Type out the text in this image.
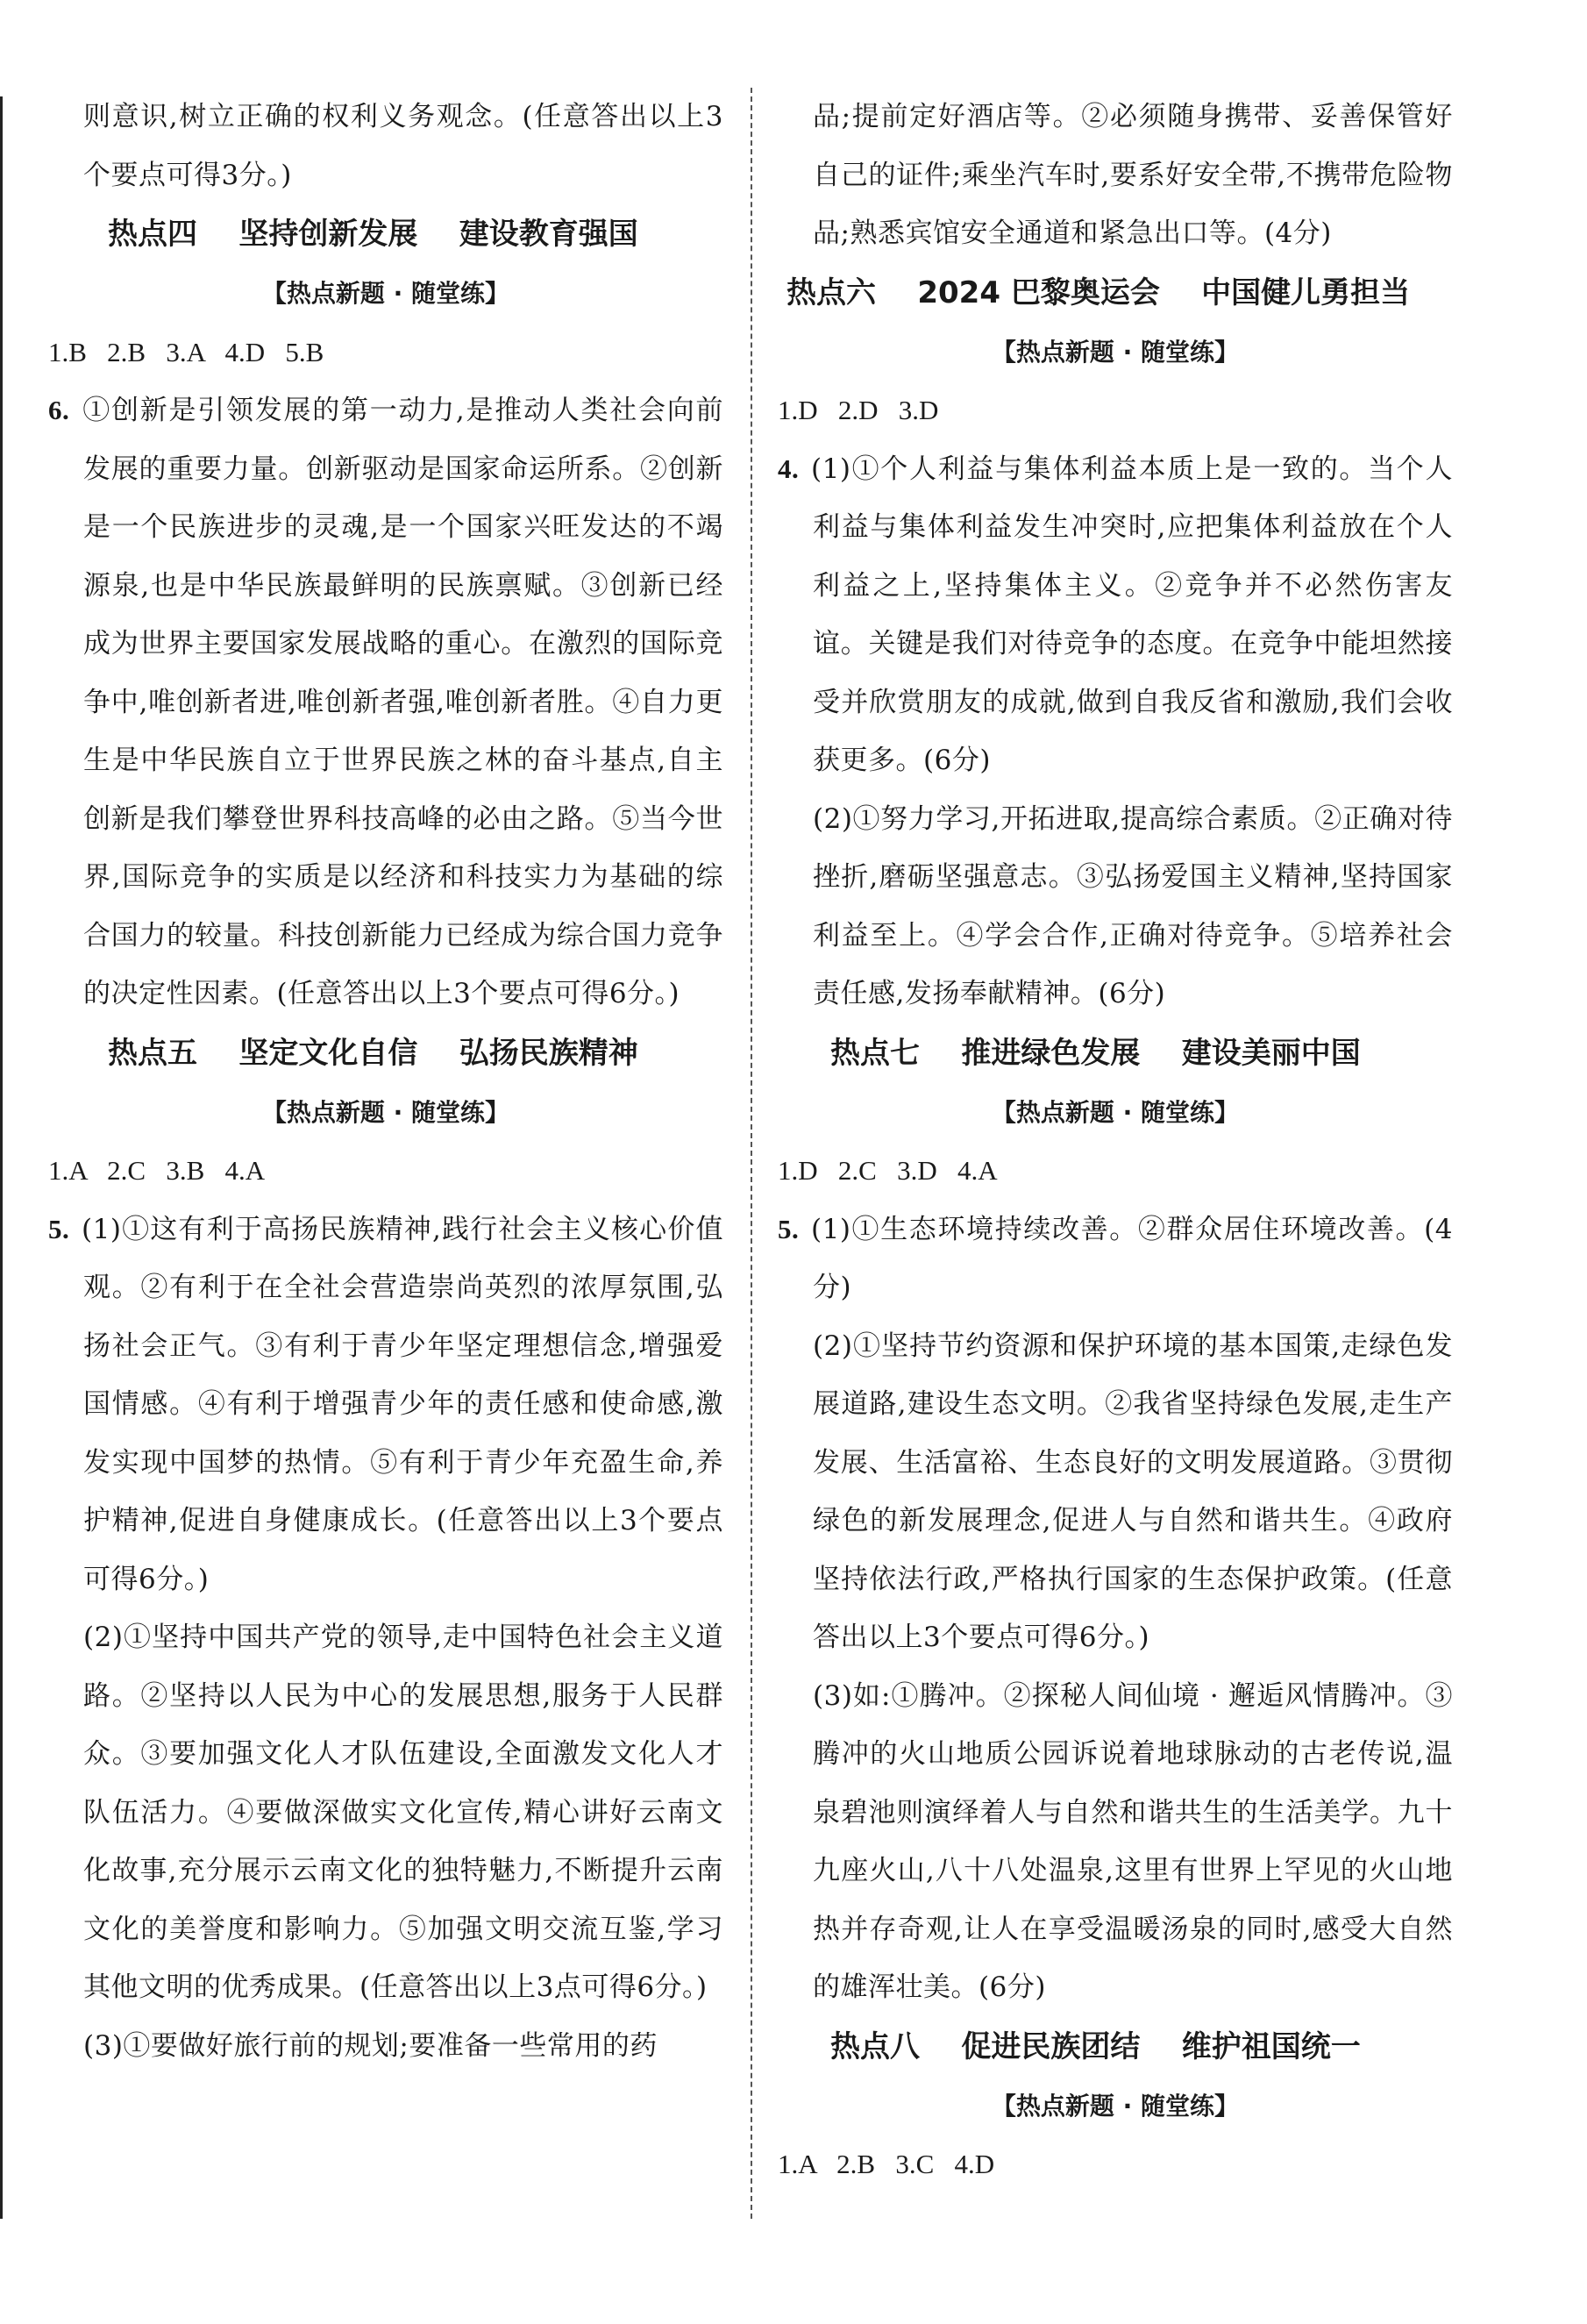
则意识,树立正确的权利义务观念。(任意答出以上3个要点可得3分。)

热点四    坚持创新发展    建设教育强国

【热点新题 · 随堂练】

1.B   2.B   3.A   4.D   5.B

6. ①创新是引领发展的第一动力,是推动人类社会向前发展的重要力量。创新驱动是国家命运所系。②创新是一个民族进步的灵魂,是一个国家兴旺发达的不竭源泉,也是中华民族最鲜明的民族禀赋。③创新已经成为世界主要国家发展战略的重心。在激烈的国际竞争中,唯创新者进,唯创新者强,唯创新者胜。④自力更生是中华民族自立于世界民族之林的奋斗基点,自主创新是我们攀登世界科技高峰的必由之路。⑤当今世界,国际竞争的实质是以经济和科技实力为基础的综合国力的较量。科技创新能力已经成为综合国力竞争的决定性因素。(任意答出以上3个要点可得6分。)

热点五    坚定文化自信    弘扬民族精神

【热点新题 · 随堂练】

1.A   2.C   3.B   4.A

5. (1)①这有利于高扬民族精神,践行社会主义核心价值观。②有利于在全社会营造崇尚英烈的浓厚氛围,弘扬社会正气。③有利于青少年坚定理想信念,增强爱国情感。④有利于增强青少年的责任感和使命感,激发实现中国梦的热情。⑤有利于青少年充盈生命,养护精神,促进自身健康成长。(任意答出以上3个要点可得6分。)

(2)①坚持中国共产党的领导,走中国特色社会主义道路。②坚持以人民为中心的发展思想,服务于人民群众。③要加强文化人才队伍建设,全面激发文化人才队伍活力。④要做深做实文化宣传,精心讲好云南文化故事,充分展示云南文化的独特魅力,不断提升云南文化的美誉度和影响力。⑤加强文明交流互鉴,学习其他文明的优秀成果。(任意答出以上3点可得6分。)

(3)①要做好旅行前的规划;要准备一些常用的药

品;提前定好酒店等。②必须随身携带、妥善保管好自己的证件;乘坐汽车时,要系好安全带,不携带危险物品;熟悉宾馆安全通道和紧急出口等。(4分)

热点六    2024 巴黎奥运会    中国健儿勇担当

【热点新题 · 随堂练】

1.D   2.D   3.D

4. (1)①个人利益与集体利益本质上是一致的。当个人利益与集体利益发生冲突时,应把集体利益放在个人利益之上,坚持集体主义。②竞争并不必然伤害友谊。关键是我们对待竞争的态度。在竞争中能坦然接受并欣赏朋友的成就,做到自我反省和激励,我们会收获更多。(6分)

(2)①努力学习,开拓进取,提高综合素质。②正确对待挫折,磨砺坚强意志。③弘扬爱国主义精神,坚持国家利益至上。④学会合作,正确对待竞争。⑤培养社会责任感,发扬奉献精神。(6分)

热点七    推进绿色发展    建设美丽中国

【热点新题 · 随堂练】

1.D   2.C   3.D   4.A

5. (1)①生态环境持续改善。②群众居住环境改善。(4分)

(2)①坚持节约资源和保护环境的基本国策,走绿色发展道路,建设生态文明。②我省坚持绿色发展,走生产发展、生活富裕、生态良好的文明发展道路。③贯彻绿色的新发展理念,促进人与自然和谐共生。④政府坚持依法行政,严格执行国家的生态保护政策。(任意答出以上3个要点可得6分。)

(3)如:①腾冲。②探秘人间仙境 · 邂逅风情腾冲。③腾冲的火山地质公园诉说着地球脉动的古老传说,温泉碧池则演绎着人与自然和谐共生的生活美学。九十九座火山,八十八处温泉,这里有世界上罕见的火山地热并存奇观,让人在享受温暖汤泉的同时,感受大自然的雄浑壮美。(6分)

热点八    促进民族团结    维护祖国统一

【热点新题 · 随堂练】

1.A   2.B   3.C   4.D
